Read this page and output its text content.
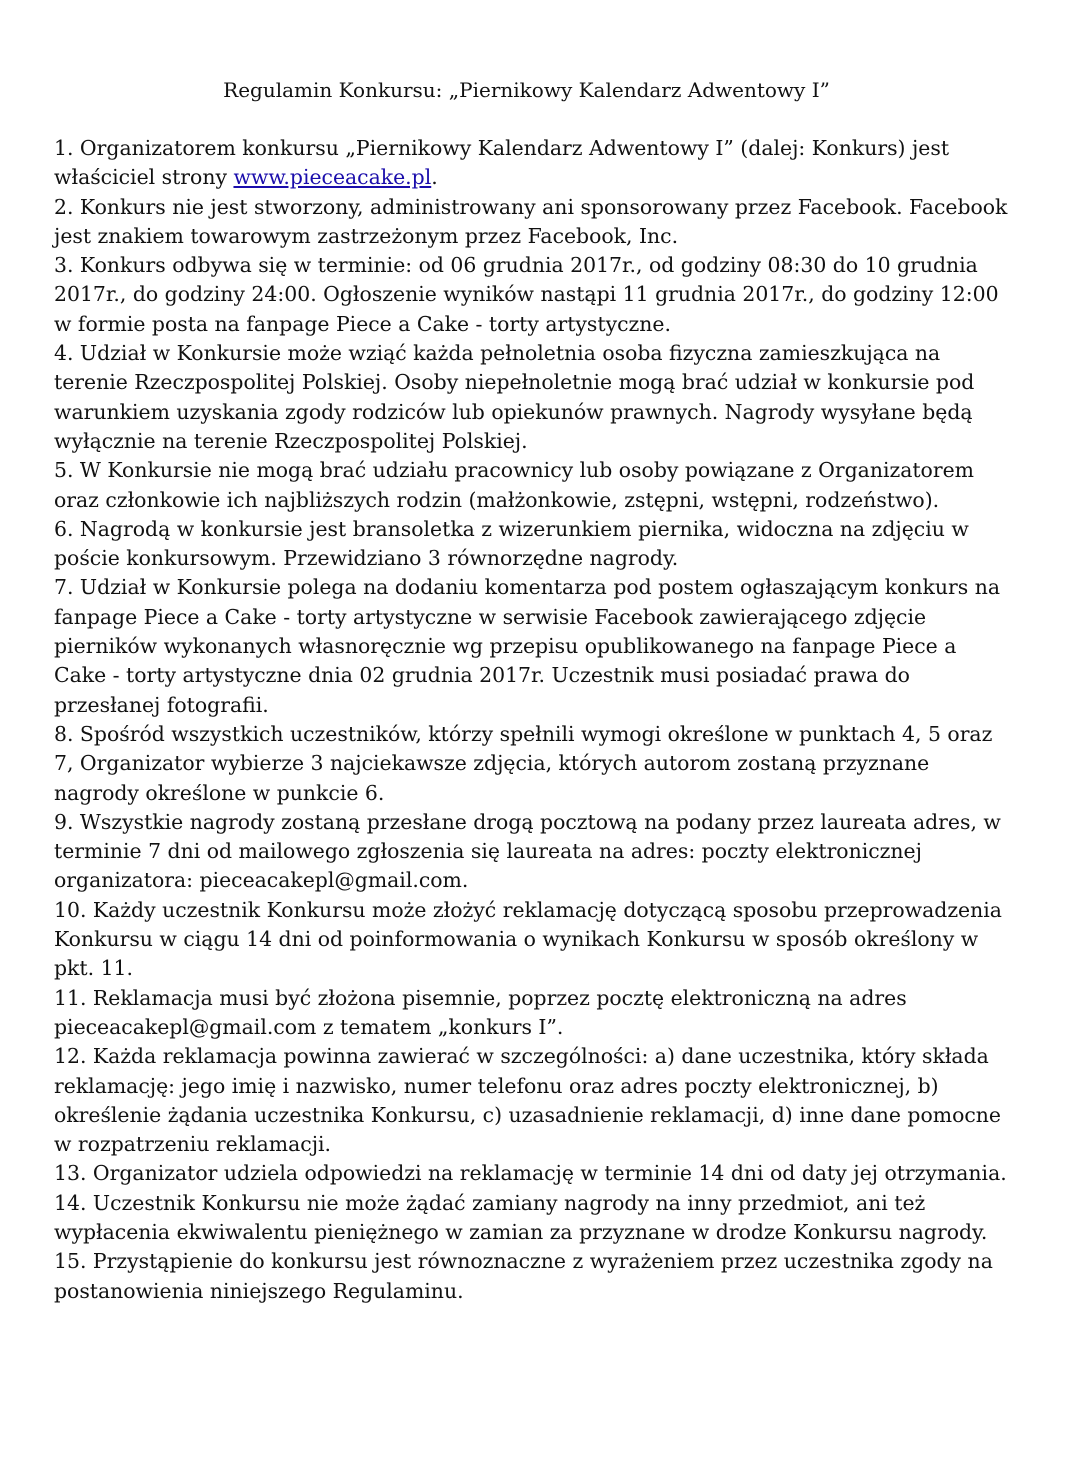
Regulamin Konkursu: „Piernikowy Kalendarz Adwentowy I”

1. Organizatorem konkursu „Piernikowy Kalendarz Adwentowy I” (dalej: Konkurs) jest właściciel strony www.pieceacake.pl.

2. Konkurs nie jest stworzony, administrowany ani sponsorowany przez Facebook. Facebook jest znakiem towarowym zastrzeżonym przez Facebook, Inc.

3. Konkurs odbywa się w terminie: od 06 grudnia 2017r., od godziny 08:30 do 10 grudnia 2017r., do godziny 24:00. Ogłoszenie wyników nastąpi 11 grudnia 2017r., do godziny 12:00 w formie posta na fanpage Piece a Cake - torty artystyczne.

4. Udział w Konkursie może wziąć każda pełnoletnia osoba fizyczna zamieszkująca na terenie Rzeczpospolitej Polskiej. Osoby niepełnoletnie mogą brać udział w konkursie pod warunkiem uzyskania zgody rodziców lub opiekunów prawnych. Nagrody wysyłane będą wyłącznie na terenie Rzeczpospolitej Polskiej.

5. W Konkursie nie mogą brać udziału pracownicy lub osoby powiązane z Organizatorem oraz członkowie ich najbliższych rodzin (małżonkowie, zstępni, wstępni, rodzeństwo).

6. Nagrodą w konkursie jest bransoletka z wizerunkiem piernika, widoczna na zdjęciu w poście konkursowym. Przewidziano 3 równorzędne nagrody.

7. Udział w Konkursie polega na dodaniu komentarza pod postem ogłaszającym konkurs na fanpage Piece a Cake - torty artystyczne w serwisie Facebook zawierającego zdjęcie pierników wykonanych własnoręcznie wg przepisu opublikowanego na fanpage Piece a Cake - torty artystyczne dnia 02 grudnia 2017r. Uczestnik musi posiadać prawa do przesłanej fotografii.

8. Spośród wszystkich uczestników, którzy spełnili wymogi określone w punktach 4, 5 oraz 7, Organizator wybierze 3 najciekawsze zdjęcia, których autorom zostaną przyznane nagrody określone w punkcie 6.

9. Wszystkie nagrody zostaną przesłane drogą pocztową na podany przez laureata adres, w terminie 7 dni od mailowego zgłoszenia się laureata na adres: poczty elektronicznej organizatora: pieceacakepl@gmail.com.

10. Każdy uczestnik Konkursu może złożyć reklamację dotyczącą sposobu przeprowadzenia Konkursu w ciągu 14 dni od poinformowania o wynikach Konkursu w sposób określony w pkt. 11.

11. Reklamacja musi być złożona pisemnie, poprzez pocztę elektroniczną na adres pieceacakepl@gmail.com z tematem „konkurs I”.

12. Każda reklamacja powinna zawierać w szczególności: a) dane uczestnika, który składa reklamację: jego imię i nazwisko, numer telefonu oraz adres poczty elektronicznej, b) określenie żądania uczestnika Konkursu, c) uzasadnienie reklamacji, d) inne dane pomocne w rozpatrzeniu reklamacji.

13. Organizator udziela odpowiedzi na reklamację w terminie 14 dni od daty jej otrzymania.

14. Uczestnik Konkursu nie może żądać zamiany nagrody na inny przedmiot, ani też wypłacenia ekwiwalentu pieniężnego w zamian za przyznane w drodze Konkursu nagrody.

15. Przystąpienie do konkursu jest równoznaczne z wyrażeniem przez uczestnika zgody na postanowienia niniejszego Regulaminu.
